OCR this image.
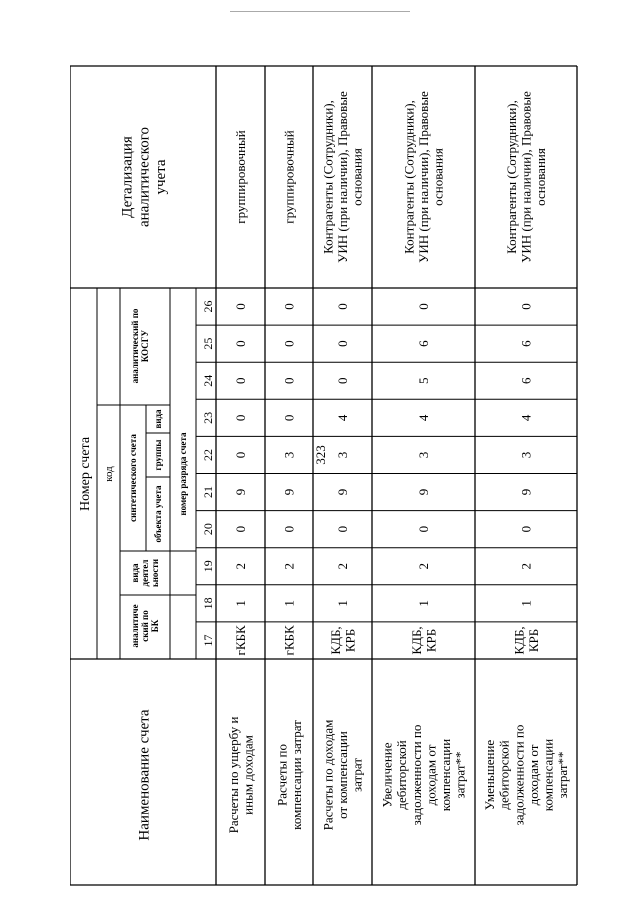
323
Наименование счета
Номер счета код
аналитический поБК
видадеятельности
синтетического счета объекта учета
группы
вида
аналитический поКОСГУ
номер разряда счета
Детализацияаналитическогоучета
17
18
19
20
21
22
23
24
25
26
Расчеты по ущербу ииным доходам
гКБК
1
2
0
9
0
0
0
0
0
группировочный
Расчеты покомпенсации затрат
гКБК
1
2
0
9
3
0
0
0
0
группировочный
Расчеты по доходамот компенсациизатрат
КДБ,КРБ
1
2
0
9
3
4
0
0
0
Контрагенты (Сотрудники),УИН (при наличии), Правовыеоснования
Увеличениедебиторскойзадолженности подоходам откомпенсациизатрат**
КДБ,КРБ
1
2
0
9
3
4
5
6
0
Контрагенты (Сотрудники),УИН (при наличии), Правовыеоснования
Уменьшениедебиторскойзадолженности подоходам откомпенсациизатрат**
КДБ,КРБ
1
2
0
9
3
4
6
6
0
Контрагенты (Сотрудники),УИН (при наличии), Правовыеоснования
